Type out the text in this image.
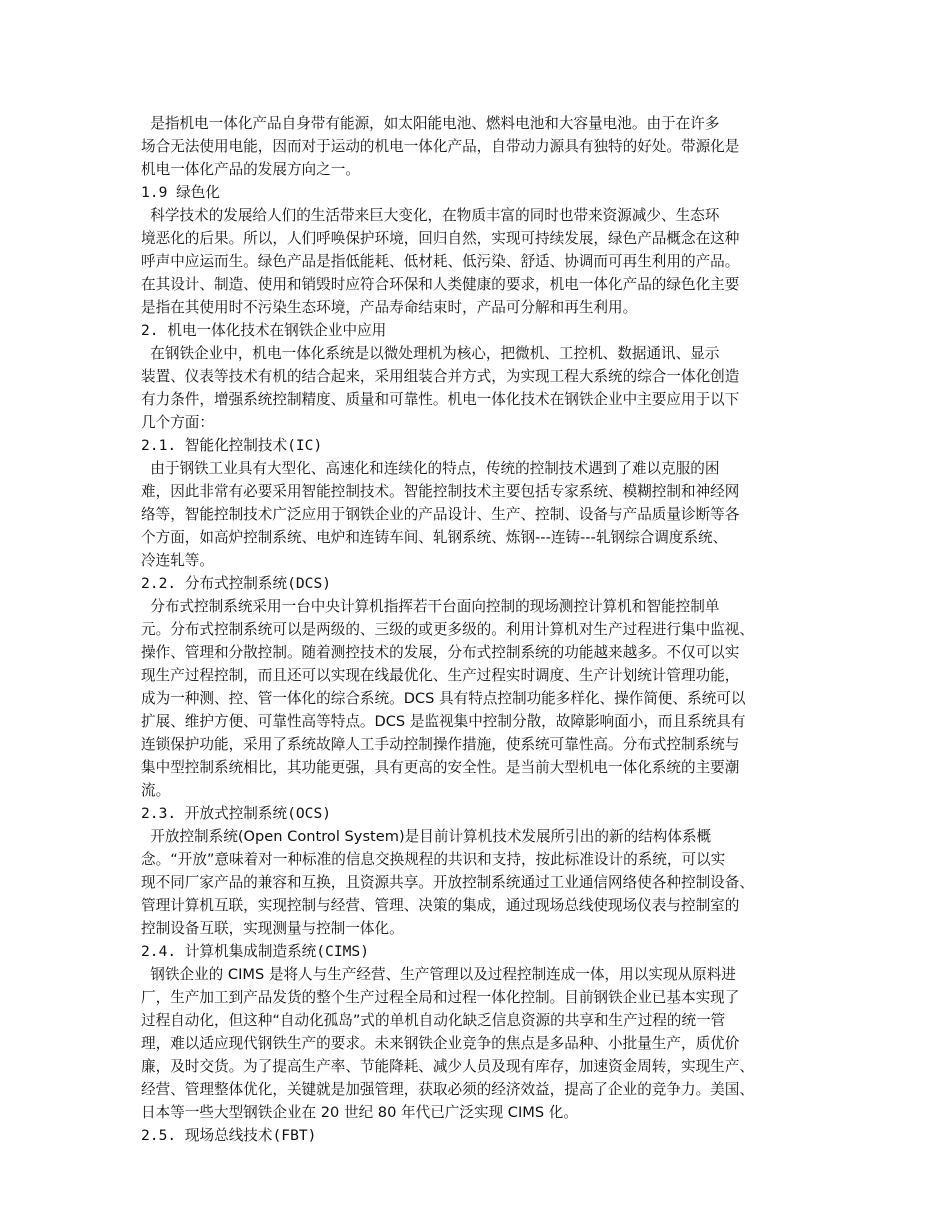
是指机电一体化产品自身带有能源，如太阳能电池、燃料电池和大容量电池。由于在许多
场合无法使用电能，因而对于运动的机电一体化产品，自带动力源具有独特的好处。带源化是
机电一体化产品的发展方向之一。
1.9 绿色化
科学技术的发展给人们的生活带来巨大变化，在物质丰富的同时也带来资源减少、生态环
境恶化的后果。所以，人们呼唤保护环境，回归自然，实现可持续发展，绿色产品概念在这种
呼声中应运而生。绿色产品是指低能耗、低材耗、低污染、舒适、协调而可再生利用的产品。
在其设计、制造、使用和销毁时应符合环保和人类健康的要求，机电一体化产品的绿色化主要
是指在其使用时不污染生态环境，产品寿命结束时，产品可分解和再生利用。
2. 机电一体化技术在钢铁企业中应用
在钢铁企业中，机电一体化系统是以微处理机为核心，把微机、工控机、数据通讯、显示
装置、仪表等技术有机的结合起来，采用组装合并方式，为实现工程大系统的综合一体化创造
有力条件，增强系统控制精度、质量和可靠性。机电一体化技术在钢铁企业中主要应用于以下
几个方面：
2.1. 智能化控制技术(IC)
由于钢铁工业具有大型化、高速化和连续化的特点，传统的控制技术遇到了难以克服的困
难，因此非常有必要采用智能控制技术。智能控制技术主要包括专家系统、模糊控制和神经网
络等，智能控制技术广泛应用于钢铁企业的产品设计、生产、控制、设备与产品质量诊断等各
个方面，如高炉控制系统、电炉和连铸车间、轧钢系统、炼钢---连铸---轧钢综合调度系统、
冷连轧等。
2.2. 分布式控制系统(DCS)
分布式控制系统采用一台中央计算机指挥若干台面向控制的现场测控计算机和智能控制单
元。分布式控制系统可以是两级的、三级的或更多级的。利用计算机对生产过程进行集中监视、
操作、管理和分散控制。随着测控技术的发展，分布式控制系统的功能越来越多。不仅可以实
现生产过程控制，而且还可以实现在线最优化、生产过程实时调度、生产计划统计管理功能，
成为一种测、控、管一体化的综合系统。DCS 具有特点控制功能多样化、操作简便、系统可以
扩展、维护方便、可靠性高等特点。DCS 是监视集中控制分散，故障影响面小，而且系统具有
连锁保护功能，采用了系统故障人工手动控制操作措施，使系统可靠性高。分布式控制系统与
集中型控制系统相比，其功能更强，具有更高的安全性。是当前大型机电一体化系统的主要潮
流。
2.3. 开放式控制系统(OCS)
开放控制系统(Open Control System)是目前计算机技术发展所引出的新的结构体系概
念。“开放”意味着对一种标准的信息交换规程的共识和支持，按此标准设计的系统，可以实
现不同厂家产品的兼容和互换，且资源共享。开放控制系统通过工业通信网络使各种控制设备、
管理计算机互联，实现控制与经营、管理、决策的集成，通过现场总线使现场仪表与控制室的
控制设备互联，实现测量与控制一体化。
2.4. 计算机集成制造系统(CIMS)
钢铁企业的 CIMS 是将人与生产经营、生产管理以及过程控制连成一体，用以实现从原料进
厂，生产加工到产品发货的整个生产过程全局和过程一体化控制。目前钢铁企业已基本实现了
过程自动化，但这种“自动化孤岛”式的单机自动化缺乏信息资源的共享和生产过程的统一管
理，难以适应现代钢铁生产的要求。未来钢铁企业竞争的焦点是多品种、小批量生产，质优价
廉，及时交货。为了提高生产率、节能降耗、减少人员及现有库存，加速资金周转，实现生产、
经营、管理整体优化，关键就是加强管理，获取必须的经济效益，提高了企业的竞争力。美国、
日本等一些大型钢铁企业在 20 世纪 80 年代已广泛实现 CIMS 化。
2.5. 现场总线技术(FBT)
